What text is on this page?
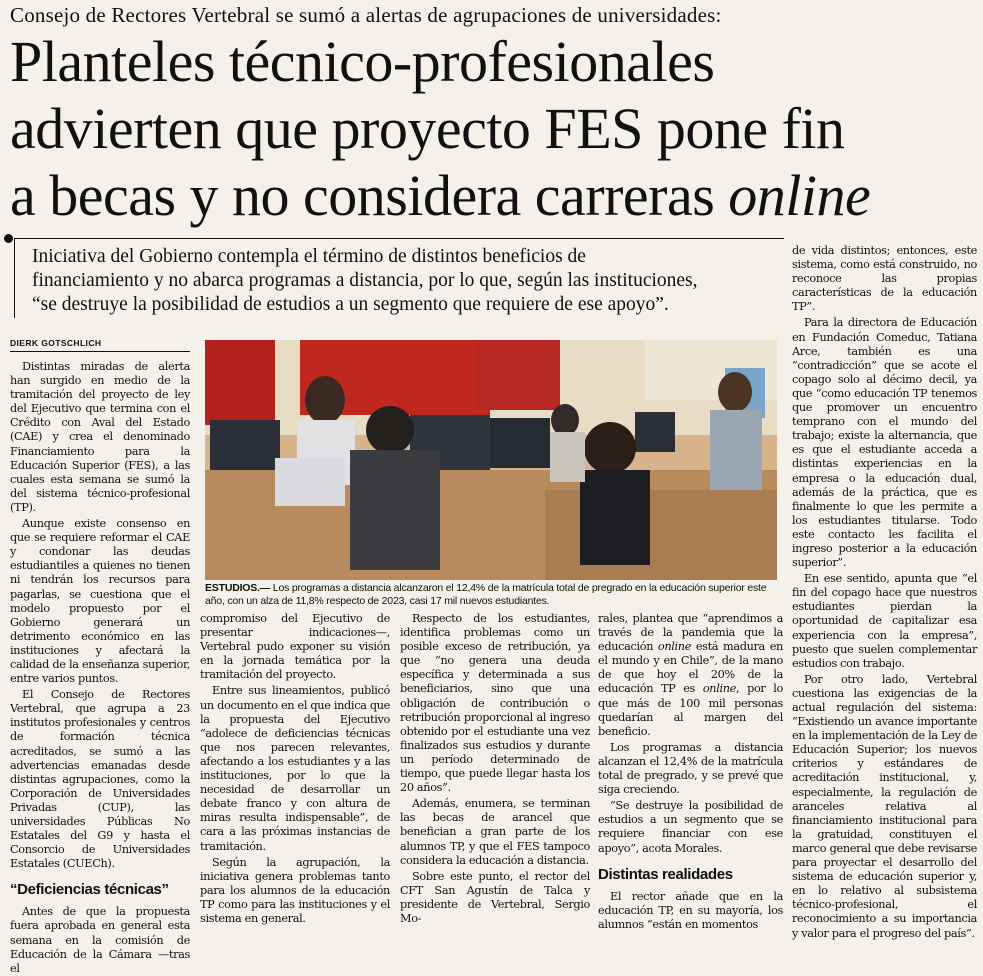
Consejo de Rectores Vertebral se sumó a alertas de agrupaciones de universidades:
Planteles técnico-profesionales
advierten que proyecto FES pone fin
a becas y no considera carreras online
Iniciativa del Gobierno contempla el término de distintos beneficios de
financiamiento y no abarca programas a distancia, por lo que, según las instituciones,
“se destruye la posibilidad de estudios a un segmento que requiere de ese apoyo”.
DIERK GOTSCHLICH

Distintas miradas de alerta han surgido en medio de la tramitación del proyecto de ley del Ejecutivo que termina con el Crédito con Aval del Estado (CAE) y crea el denominado Financiamiento para la Educación Superior (FES), a las cuales esta semana se sumó la del sistema técnico-profesional (TP).

Aunque existe consenso en que se requiere reformar el CAE y condonar las deudas estudiantiles a quienes no tienen ni tendrán los recursos para pagarlas, se cuestiona que el modelo propuesto por el Gobierno generará un detrimento económico en las instituciones y afectará la calidad de la enseñanza superior, entre varios puntos.

El Consejo de Rectores Vertebral, que agrupa a 23 institutos profesionales y centros de formación técnica acreditados, se sumó a las advertencias emanadas desde distintas agrupaciones, como la Corporación de Universidades Privadas (CUP), las universidades Públicas No Estatales del G9 y hasta el Consorcio de Universidades Estatales (CUECh).

“Deficiencias técnicas”

Antes de que la propuesta fuera aprobada en general esta semana en la comisión de Educación de la Cámara —tras el

ESTUDIOS.— Los programas a distancia alcanzaron el 12,4% de la matrícula total de pregrado en la educación superior este año, con un alza de 11,8% respecto de 2023, casi 17 mil nuevos estudiantes.

compromiso del Ejecutivo de presentar indicaciones—, Vertebral pudo exponer su visión en la jornada temática por la tramitación del proyecto.

Entre sus lineamientos, publicó un documento en el que indica que la propuesta del Ejecutivo “adolece de deficiencias técnicas que nos parecen relevantes, afectando a los estudiantes y a las instituciones, por lo que la necesidad de desarrollar un debate franco y con altura de miras resulta indispensable”, de cara a las próximas instancias de tramitación.

Según la agrupación, la iniciativa genera problemas tanto para los alumnos de la educación TP como para las instituciones y el sistema en general.

Respecto de los estudiantes, identifica problemas como un posible exceso de retribución, ya que “no genera una deuda específica y determinada a sus beneficiarios, sino que una obligación de contribución o retribución proporcional al ingreso obtenido por el estudiante una vez finalizados sus estudios y durante un período determinado de tiempo, que puede llegar hasta los 20 años”.

Además, enumera, se terminan las becas de arancel que benefician a gran parte de los alumnos TP, y que el FES tampoco considera la educación a distancia.

Sobre este punto, el rector del CFT San Agustín de Talca y presidente de Vertebral, Sergio Mo-

rales, plantea que “aprendimos a través de la pandemia que la educación online está madura en el mundo y en Chile”, de la mano de que hoy el 20% de la educación TP es online, por lo que más de 100 mil personas quedarían al margen del beneficio.

Los programas a distancia alcanzan el 12,4% de la matrícula total de pregrado, y se prevé que siga creciendo.

“Se destruye la posibilidad de estudios a un segmento que se requiere financiar con ese apoyo”, acota Morales.

Distintas realidades

El rector añade que en la educación TP, en su mayoría, los alumnos “están en momentos

de vida distintos; entonces, este sistema, como está construido, no reconoce las propias características de la educación TP”.

Para la directora de Educación en Fundación Comeduc, Tatiana Arce, también es una “contradicción” que se acote el copago solo al décimo decil, ya que “como educación TP tenemos que promover un encuentro temprano con el mundo del trabajo; existe la alternancia, que es que el estudiante acceda a distintas experiencias en la empresa o la educación dual, además de la práctica, que es finalmente lo que les permite a los estudiantes titularse. Todo este contacto les facilita el ingreso posterior a la educación superior”.

En ese sentido, apunta que “el fin del copago hace que nuestros estudiantes pierdan la oportunidad de capitalizar esa experiencia con la empresa”, puesto que suelen complementar estudios con trabajo.

Por otro lado, Vertebral cuestiona las exigencias de la actual regulación del sistema: “Existiendo un avance importante en la implementación de la Ley de Educación Superior; los nuevos criterios y estándares de acreditación institucional, y, especialmente, la regulación de aranceles relativa al financiamiento institucional para la gratuidad, constituyen el marco general que debe revisarse para proyectar el desarrollo del sistema de educación superior y, en lo relativo al subsistema técnico-profesional, el reconocimiento a su importancia y valor para el progreso del país”.
